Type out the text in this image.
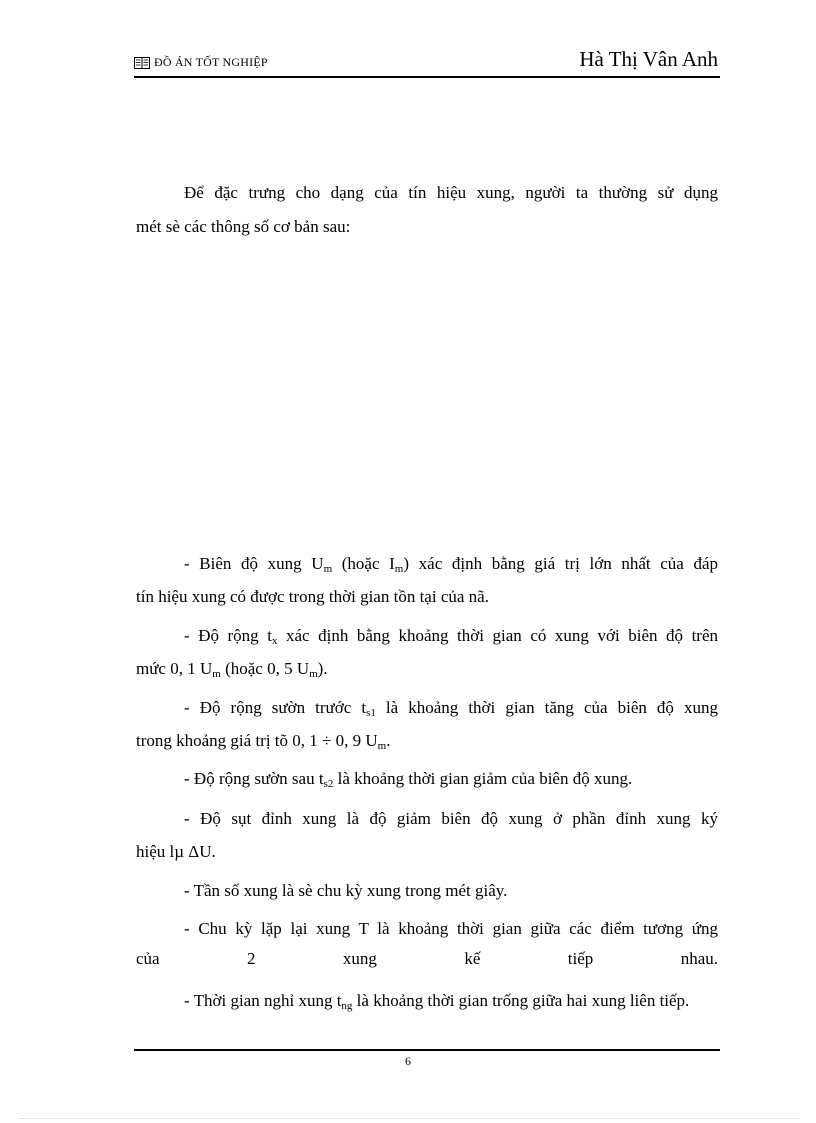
ĐỒ ÁN TỐT NGHIỆP	Hà Thị Vân Anh
Để đặc trưng cho dạng của tín hiệu xung, người ta thường sử dụng
mét sè các thông số cơ bản sau:
- Biên độ xung $U_m$ (hoặc $I_m$) xác định bằng giá trị lớn nhất của đáp
tín hiệu xung có được trong thời gian tồn tại của nã.
- Độ rộng $t_x$ xác định bằng khoảng thời gian có xung với biên độ trên
mức 0, 1 $U_m$ (hoặc 0, 5 $U_m$).
- Độ rộng sườn trước $t_{s1}$ là khoảng thời gian tăng của biên độ xung
trong khoảng giá trị tõ 0, 1 ÷ 0, 9 $U_m$.
- Độ rộng sườn sau $t_{s2}$ là khoảng thời gian giảm của biên độ xung.
- Độ sụt đỉnh xung là độ giảm biên độ xung ở phần đỉnh xung ký
hiệu lµ ΔU.
- Tần số xung là sè chu kỳ xung trong mét giây.
- Chu kỳ lặp lại xung T là khoảng thời gian giữa các điểm tương ứng
của 2 xung kế tiếp nhau.
- Thời gian nghỉ xung $t_{ng}$ là khoảng thời gian trống giữa hai xung liên tiếp.
6
